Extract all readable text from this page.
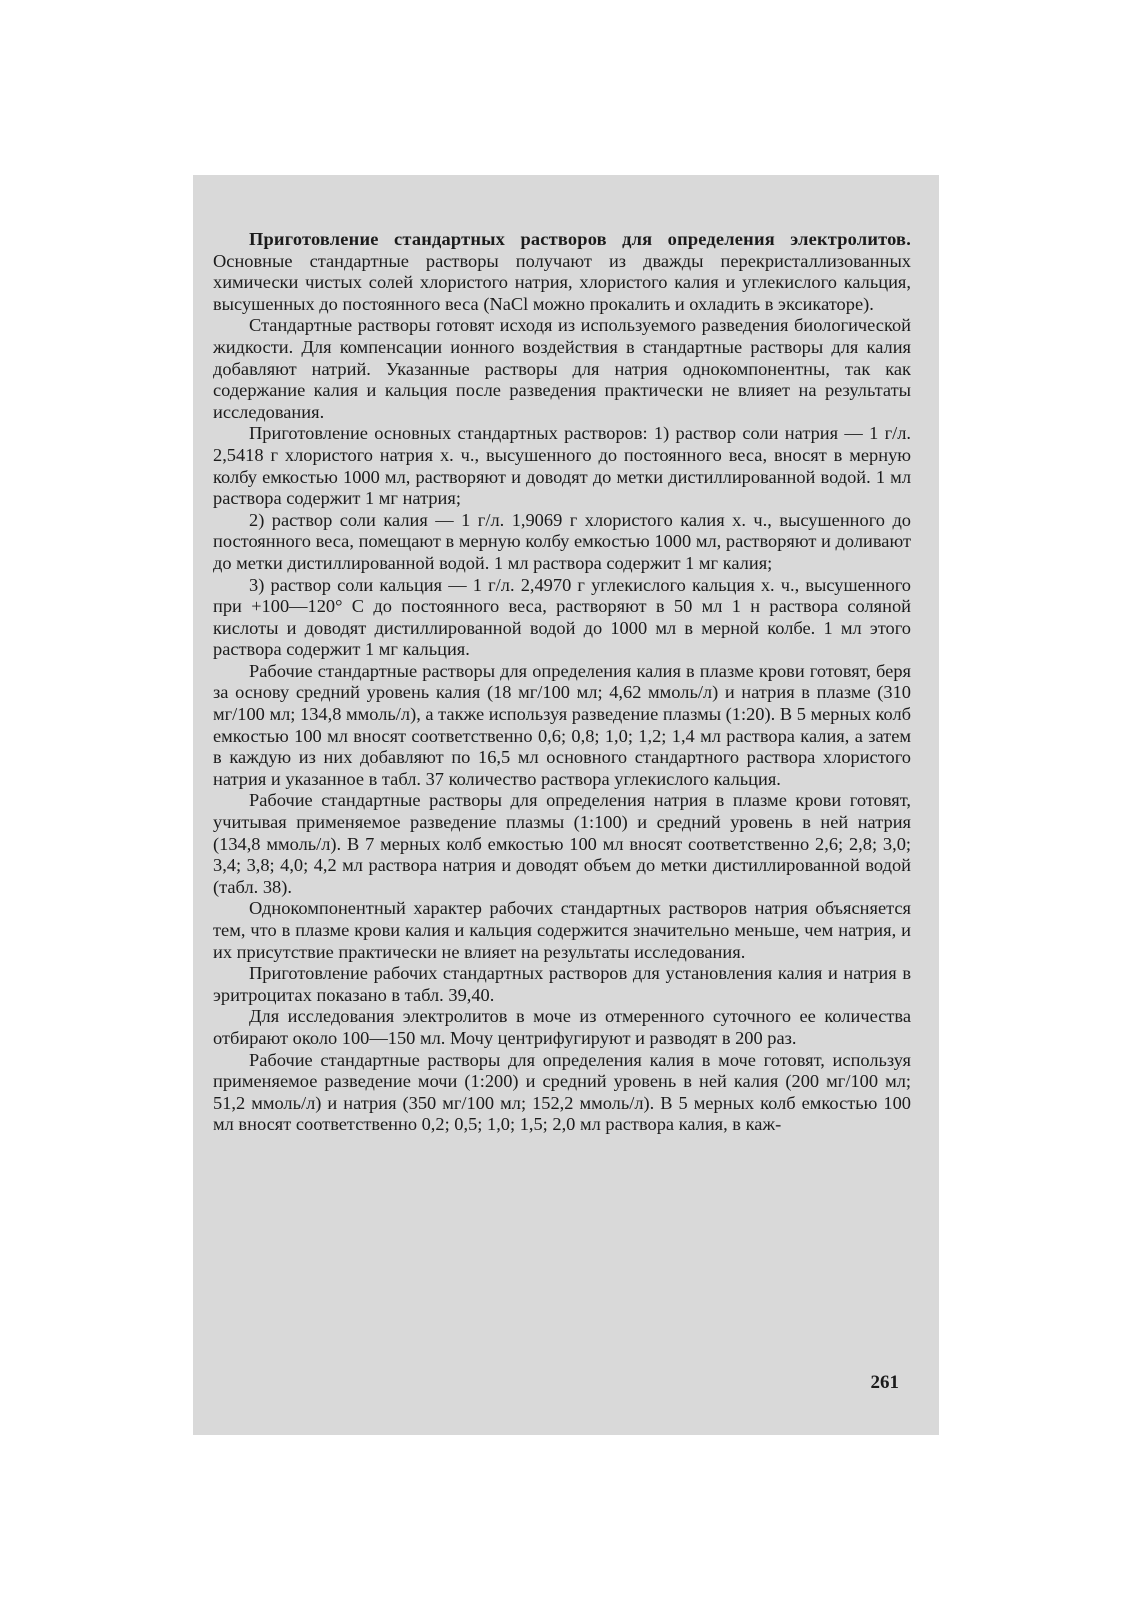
Приготовление стандартных растворов для определения электролитов. Основные стандартные растворы получают из дважды перекристаллизованных химически чистых солей хлористого натрия, хлористого калия и углекислого кальция, высушенных до постоянного веса (NaCl можно прокалить и охладить в эксикаторе).

Стандартные растворы готовят исходя из используемого разведения биологической жидкости. Для компенсации ионного воздействия в стандартные растворы для калия добавляют натрий. Указанные растворы для натрия однокомпонентны, так как содержание калия и кальция после разведения практически не влияет на результаты исследования.

Приготовление основных стандартных растворов: 1) раствор соли натрия — 1 г/л. 2,5418 г хлористого натрия х. ч., высушенного до постоянного веса, вносят в мерную колбу емкостью 1000 мл, растворяют и доводят до метки дистиллированной водой. 1 мл раствора содержит 1 мг натрия;

2) раствор соли калия — 1 г/л. 1,9069 г хлористого калия х. ч., высушенного до постоянного веса, помещают в мерную колбу емкостью 1000 мл, растворяют и доливают до метки дистиллированной водой. 1 мл раствора содержит 1 мг калия;

3) раствор соли кальция — 1 г/л. 2,4970 г углекислого кальция х. ч., высушенного при +100—120° С до постоянного веса, растворяют в 50 мл 1 н раствора соляной кислоты и доводят дистиллированной водой до 1000 мл в мерной колбе. 1 мл этого раствора содержит 1 мг кальция.

Рабочие стандартные растворы для определения калия в плазме крови готовят, беря за основу средний уровень калия (18 мг/100 мл; 4,62 ммоль/л) и натрия в плазме (310 мг/100 мл; 134,8 ммоль/л), а также используя разведение плазмы (1:20). В 5 мерных колб емкостью 100 мл вносят соответственно 0,6; 0,8; 1,0; 1,2; 1,4 мл раствора калия, а затем в каждую из них добавляют по 16,5 мл основного стандартного раствора хлористого натрия и указанное в табл. 37 количество раствора углекислого кальция.

Рабочие стандартные растворы для определения натрия в плазме крови готовят, учитывая применяемое разведение плазмы (1:100) и средний уровень в ней натрия (134,8 ммоль/л). В 7 мерных колб емкостью 100 мл вносят соответственно 2,6; 2,8; 3,0; 3,4; 3,8; 4,0; 4,2 мл раствора натрия и доводят объем до метки дистиллированной водой (табл. 38).

Однокомпонентный характер рабочих стандартных растворов натрия объясняется тем, что в плазме крови калия и кальция содержится значительно меньше, чем натрия, и их присутствие практически не влияет на результаты исследования.

Приготовление рабочих стандартных растворов для установления калия и натрия в эритроцитах показано в табл. 39,40.

Для исследования электролитов в моче из отмеренного суточного ее количества отбирают около 100—150 мл. Мочу центрифугируют и разводят в 200 раз.

Рабочие стандартные растворы для определения калия в моче готовят, используя применяемое разведение мочи (1:200) и средний уровень в ней калия (200 мг/100 мл; 51,2 ммоль/л) и натрия (350 мг/100 мл; 152,2 ммоль/л). В 5 мерных колб емкостью 100 мл вносят соответственно 0,2; 0,5; 1,0; 1,5; 2,0 мл раствора калия, в каж-

261
